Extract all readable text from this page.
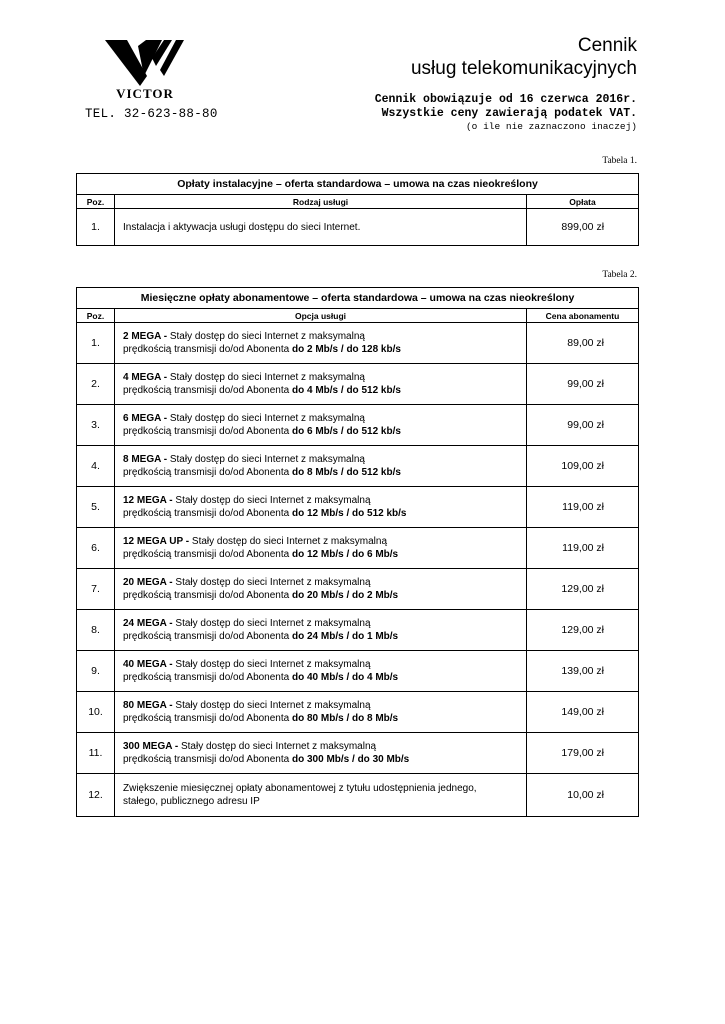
VICTOR
TEL. 32-623-88-80
Cennik
usług telekomunikacyjnych
Cennik obowiązuje od 16 czerwca 2016r.
Wszystkie ceny zawierają podatek VAT.
(o ile nie zaznaczono inaczej)
Tabela 1.
Opłaty instalacyjne – oferta standardowa – umowa na czas nieokreślony		
Poz.	Rodzaj usługi	Opłata
1.	Instalacja i aktywacja usługi dostępu do sieci Internet.	899,00 zł
Tabela 2.
Miesięczne opłaty abonamentowe – oferta standardowa – umowa na czas nieokreślony		
Poz.	Opcja usługi	Cena abonamentu
1.	2 MEGA - Stały dostęp do sieci Internet z maksymalną
prędkością transmisji do/od Abonenta do 2 Mb/s / do 128 kb/s	89,00 zł
2.	4 MEGA - Stały dostęp do sieci Internet z maksymalną
prędkością transmisji do/od Abonenta do 4 Mb/s / do 512 kb/s	99,00 zł
3.	6 MEGA - Stały dostęp do sieci Internet z maksymalną
prędkością transmisji do/od Abonenta do 6 Mb/s / do 512 kb/s	99,00 zł
4.	8 MEGA - Stały dostęp do sieci Internet z maksymalną
prędkością transmisji do/od Abonenta do 8 Mb/s / do 512 kb/s	109,00 zł
5.	12 MEGA - Stały dostęp do sieci Internet z maksymalną
prędkością transmisji do/od Abonenta do 12 Mb/s / do 512 kb/s	119,00 zł
6.	12 MEGA UP - Stały dostęp do sieci Internet z maksymalną
prędkością transmisji do/od Abonenta do 12 Mb/s / do 6 Mb/s	119,00 zł
7.	20 MEGA - Stały dostęp do sieci Internet z maksymalną
prędkością transmisji do/od Abonenta do 20 Mb/s / do 2 Mb/s	129,00 zł
8.	24 MEGA - Stały dostęp do sieci Internet z maksymalną
prędkością transmisji do/od Abonenta do 24 Mb/s / do 1 Mb/s	129,00 zł
9.	40 MEGA - Stały dostęp do sieci Internet z maksymalną
prędkością transmisji do/od Abonenta do 40 Mb/s / do 4 Mb/s	139,00 zł
10.	80 MEGA - Stały dostęp do sieci Internet z maksymalną
prędkością transmisji do/od Abonenta do 80 Mb/s / do 8 Mb/s	149,00 zł
11.	300 MEGA - Stały dostęp do sieci Internet z maksymalną
prędkością transmisji do/od Abonenta do 300 Mb/s / do 30 Mb/s	179,00 zł
12.	Zwiększenie miesięcznej opłaty abonamentowej z tytułu udostępnienia jednego,
stałego, publicznego adresu IP	10,00 zł
